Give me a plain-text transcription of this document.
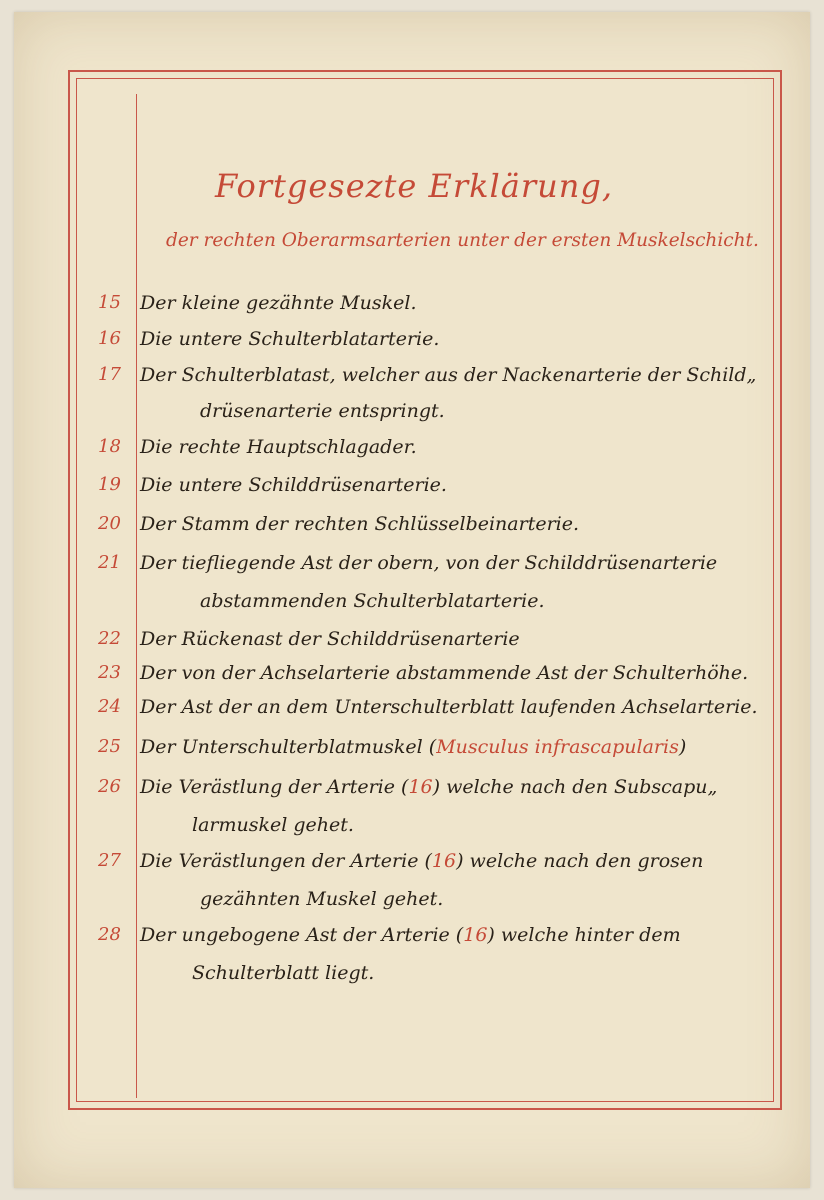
Fortgesezte Erklärung,
der rechten Oberarmsarterien unter der ersten Muskelschicht.
15	Der kleine gezähnte Muskel.
16	Die untere Schulterblatarterie.
17	Der Schulterblatast, welcher aus der Nackenarterie der Schild„
drüsenarterie entspringt.
18	Die rechte Hauptschlagader.
19	Die untere Schilddrüsenarterie.
20	Der Stamm der rechten Schlüsselbeinarterie.
21	Der tiefliegende Ast der obern, von der Schilddrüsenarterie
abstammenden Schulterblatarterie.
22	Der Rückenast der Schilddrüsenarterie
23	Der von der Achselarterie abstammende Ast der Schulterhöhe.
24	Der Ast der an dem Unterschulterblatt laufenden Achselarterie.
25	Der Unterschulterblatmuskel (Musculus infrascapularis)
26	Die Verästlung der Arterie (16) welche nach den Subscapu„
larmuskel gehet.
27	Die Verästlungen der Arterie (16) welche nach den grosen
gezähnten Muskel gehet.
28	Der ungebogene Ast der Arterie (16) welche hinter dem
Schulterblatt liegt.
